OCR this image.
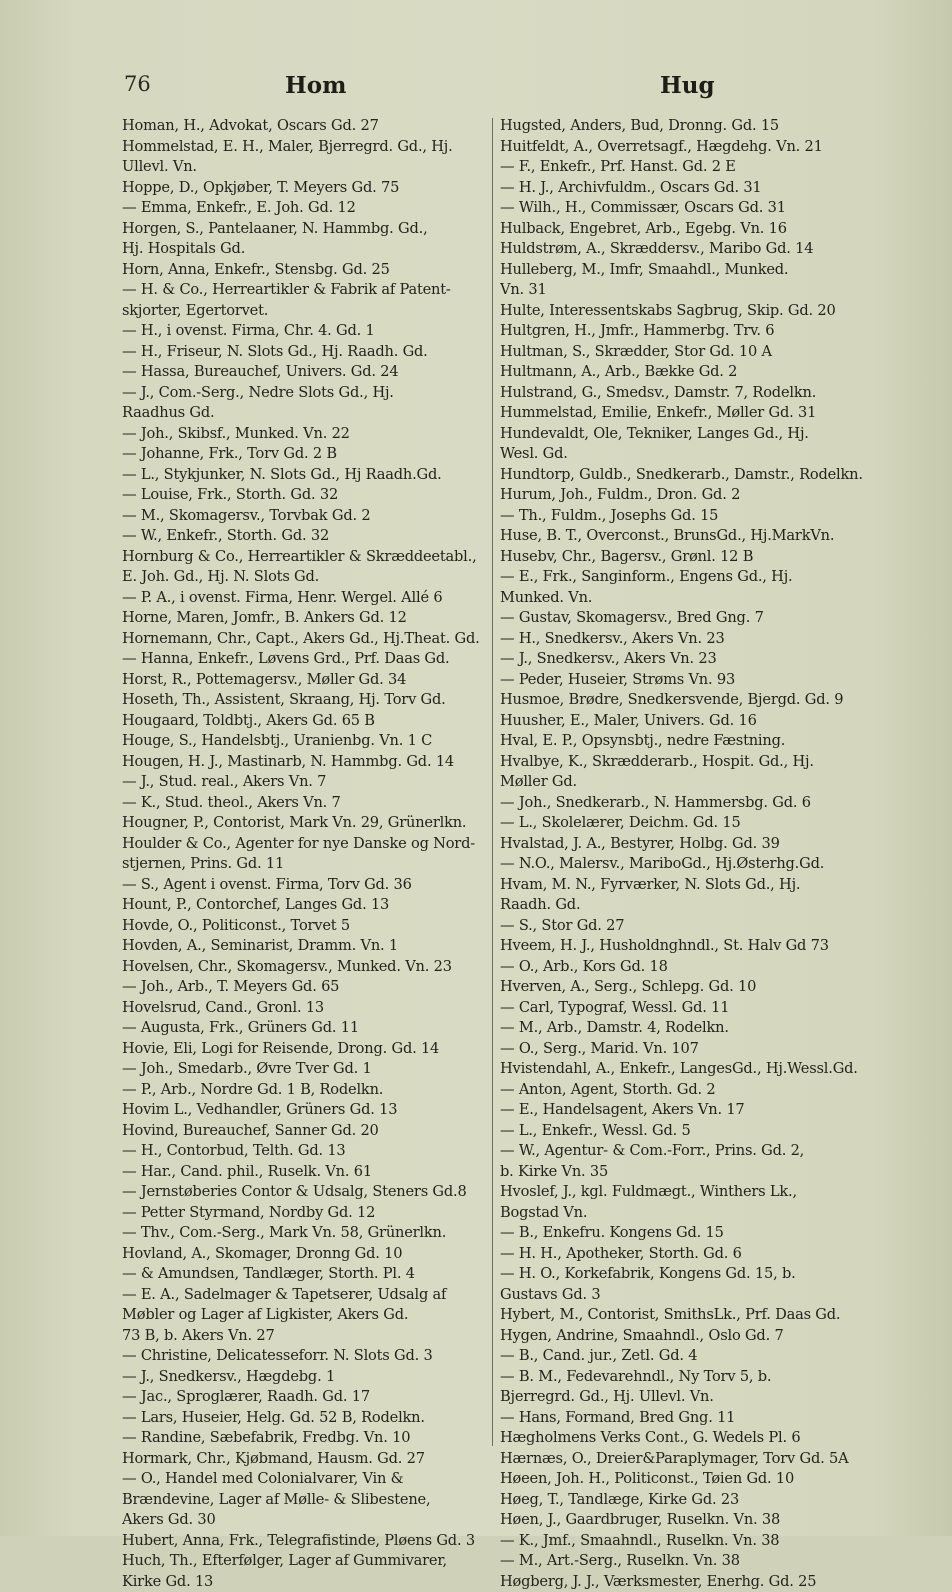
76	Hom	Hug
Homan, H., Advokat, Oscars Gd. 27
Hommelstad, E. H., Maler, Bjerregrd. Gd., Hj.
Ullevl. Vn.
Hoppe, D., Opkjøber, T. Meyers Gd. 75
— Emma, Enkefr., E. Joh. Gd. 12
Horgen, S., Pantelaaner, N. Hammbg. Gd.,
Hj. Hospitals Gd.
Horn, Anna, Enkefr., Stensbg. Gd. 25
— H. & Co., Herreartikler & Fabrik af Patent-
skjorter, Egertorvet.
— H., i ovenst. Firma, Chr. 4. Gd. 1
— H., Friseur, N. Slots Gd., Hj. Raadh. Gd.
— Hassa, Bureauchef, Univers. Gd. 24
— J., Com.-Serg., Nedre Slots Gd., Hj.
Raadhus Gd.
— Joh., Skibsf., Munked. Vn. 22
— Johanne, Frk., Torv Gd. 2 B
— L., Stykjunker, N. Slots Gd., Hj Raadh.Gd.
— Louise, Frk., Storth. Gd. 32
— M., Skomagersv., Torvbak Gd. 2
— W., Enkefr., Storth. Gd. 32
Hornburg & Co., Herreartikler & Skræddeetabl.,
E. Joh. Gd., Hj. N. Slots Gd.
— P. A., i ovenst. Firma, Henr. Wergel. Allé 6
Horne, Maren, Jomfr., B. Ankers Gd. 12
Hornemann, Chr., Capt., Akers Gd., Hj.Theat. Gd.
— Hanna, Enkefr., Løvens Grd., Prf. Daas Gd.
Horst, R., Pottemagersv., Møller Gd. 34
Hoseth, Th., Assistent, Skraang, Hj. Torv Gd.
Hougaard, Toldbtj., Akers Gd. 65 B
Houge, S., Handelsbtj., Uranienbg. Vn. 1 C
Hougen, H. J., Mastinarb, N. Hammbg. Gd. 14
— J., Stud. real., Akers Vn. 7
— K., Stud. theol., Akers Vn. 7
Hougner, P., Contorist, Mark Vn. 29, Grünerlkn.
Houlder & Co., Agenter for nye Danske og Nord-
stjernen, Prins. Gd. 11
— S., Agent i ovenst. Firma, Torv Gd. 36
Hount, P., Contorchef, Langes Gd. 13
Hovde, O., Politiconst., Torvet 5
Hovden, A., Seminarist, Dramm. Vn. 1
Hovelsen, Chr., Skomagersv., Munked. Vn. 23
— Joh., Arb., T. Meyers Gd. 65
Hovelsrud, Cand., Gronl. 13
— Augusta, Frk., Grüners Gd. 11
Hovie, Eli, Logi for Reisende, Drong. Gd. 14
— Joh., Smedarb., Øvre Tver Gd. 1
— P., Arb., Nordre Gd. 1 B, Rodelkn.
Hovim L., Vedhandler, Grüners Gd. 13
Hovind, Bureauchef, Sanner Gd. 20
— H., Contorbud, Telth. Gd. 13
— Har., Cand. phil., Ruselk. Vn. 61
— Jernstøberies Contor & Udsalg, Steners Gd.8
— Petter Styrmand, Nordby Gd. 12
— Thv., Com.-Serg., Mark Vn. 58, Grünerlkn.
Hovland, A., Skomager, Dronng Gd. 10
— & Amundsen, Tandlæger, Storth. Pl. 4
— E. A., Sadelmager & Tapetserer, Udsalg af
Møbler og Lager af Ligkister, Akers Gd.
73 B, b. Akers Vn. 27
— Christine, Delicatesseforr. N. Slots Gd. 3
— J., Snedkersv., Hægdebg. 1
— Jac., Sproglærer, Raadh. Gd. 17
— Lars, Huseier, Helg. Gd. 52 B, Rodelkn.
— Randine, Sæbefabrik, Fredbg. Vn. 10
Hormark, Chr., Kjøbmand, Hausm. Gd. 27
— O., Handel med Colonialvarer, Vin &
Brændevine, Lager af Mølle- & Slibestene,
Akers Gd. 30
Hubert, Anna, Frk., Telegrafistinde, Pløens Gd. 3
Huch, Th., Efterfølger, Lager af Gummivarer,
Kirke Gd. 13
Hugsted, Anders, Bud, Dronng. Gd. 15
Huitfeldt, A., Overretsagf., Hægdehg. Vn. 21
— F., Enkefr., Prf. Hanst. Gd. 2 E
— H. J., Archivfuldm., Oscars Gd. 31
— Wilh., H., Commissær, Oscars Gd. 31
Hulback, Engebret, Arb., Egebg. Vn. 16
Huldstrøm, A., Skræddersv., Maribo Gd. 14
Hulleberg, M., Imfr, Smaahdl., Munked.
Vn. 31
Hulte, Interessentskabs Sagbrug, Skip. Gd. 20
Hultgren, H., Jmfr., Hammerbg. Trv. 6
Hultman, S., Skrædder, Stor Gd. 10 A
Hultmann, A., Arb., Bække Gd. 2
Hulstrand, G., Smedsv., Damstr. 7, Rodelkn.
Hummelstad, Emilie, Enkefr., Møller Gd. 31
Hundevaldt, Ole, Tekniker, Langes Gd., Hj.
Wesl. Gd.
Hundtorp, Guldb., Snedkerarb., Damstr., Rodelkn.
Hurum, Joh., Fuldm., Dron. Gd. 2
— Th., Fuldm., Josephs Gd. 15
Huse, B. T., Overconst., BrunsGd., Hj.MarkVn.
Husebv, Chr., Bagersv., Grønl. 12 B
— E., Frk., Sanginform., Engens Gd., Hj.
Munked. Vn.
— Gustav, Skomagersv., Bred Gng. 7
— H., Snedkersv., Akers Vn. 23
— J., Snedkersv., Akers Vn. 23
— Peder, Huseier, Strøms Vn. 93
Husmoe, Brødre, Snedkersvende, Bjergd. Gd. 9
Huusher, E., Maler, Univers. Gd. 16
Hval, E. P., Opsynsbtj., nedre Fæstning.
Hvalbye, K., Skrædderarb., Hospit. Gd., Hj.
Møller Gd.
— Joh., Snedkerarb., N. Hammersbg. Gd. 6
— L., Skolelærer, Deichm. Gd. 15
Hvalstad, J. A., Bestyrer, Holbg. Gd. 39
— N.O., Malersv., MariboGd., Hj.Østerhg.Gd.
Hvam, M. N., Fyrværker, N. Slots Gd., Hj.
Raadh. Gd.
— S., Stor Gd. 27
Hveem, H. J., Husholdnghndl., St. Halv Gd 73
— O., Arb., Kors Gd. 18
Hverven, A., Serg., Schlepg. Gd. 10
— Carl, Typograf, Wessl. Gd. 11
— M., Arb., Damstr. 4, Rodelkn.
— O., Serg., Marid. Vn. 107
Hvistendahl, A., Enkefr., LangesGd., Hj.Wessl.Gd.
— Anton, Agent, Storth. Gd. 2
— E., Handelsagent, Akers Vn. 17
— L., Enkefr., Wessl. Gd. 5
— W., Agentur- & Com.-Forr., Prins. Gd. 2,
b. Kirke Vn. 35
Hvoslef, J., kgl. Fuldmægt., Winthers Lk.,
Bogstad Vn.
— B., Enkefru. Kongens Gd. 15
— H. H., Apotheker, Storth. Gd. 6
— H. O., Korkefabrik, Kongens Gd. 15, b.
Gustavs Gd. 3
Hybert, M., Contorist, SmithsLk., Prf. Daas Gd.
Hygen, Andrine, Smaahndl., Oslo Gd. 7
— B., Cand. jur., Zetl. Gd. 4
— B. M., Fedevarehndl., Ny Torv 5, b.
Bjerregrd. Gd., Hj. Ullevl. Vn.
— Hans, Formand, Bred Gng. 11
Hægholmens Verks Cont., G. Wedels Pl. 6
Hærnæs, O., Dreier&Paraplymager, Torv Gd. 5A
Høeen, Joh. H., Politiconst., Tøien Gd. 10
Høeg, T., Tandlæge, Kirke Gd. 23
Høen, J., Gaardbruger, Ruselkn. Vn. 38
— K., Jmf., Smaahndl., Ruselkn. Vn. 38
— M., Art.-Serg., Ruselkn. Vn. 38
Høgberg, J. J., Værksmester, Enerhg. Gd. 25
